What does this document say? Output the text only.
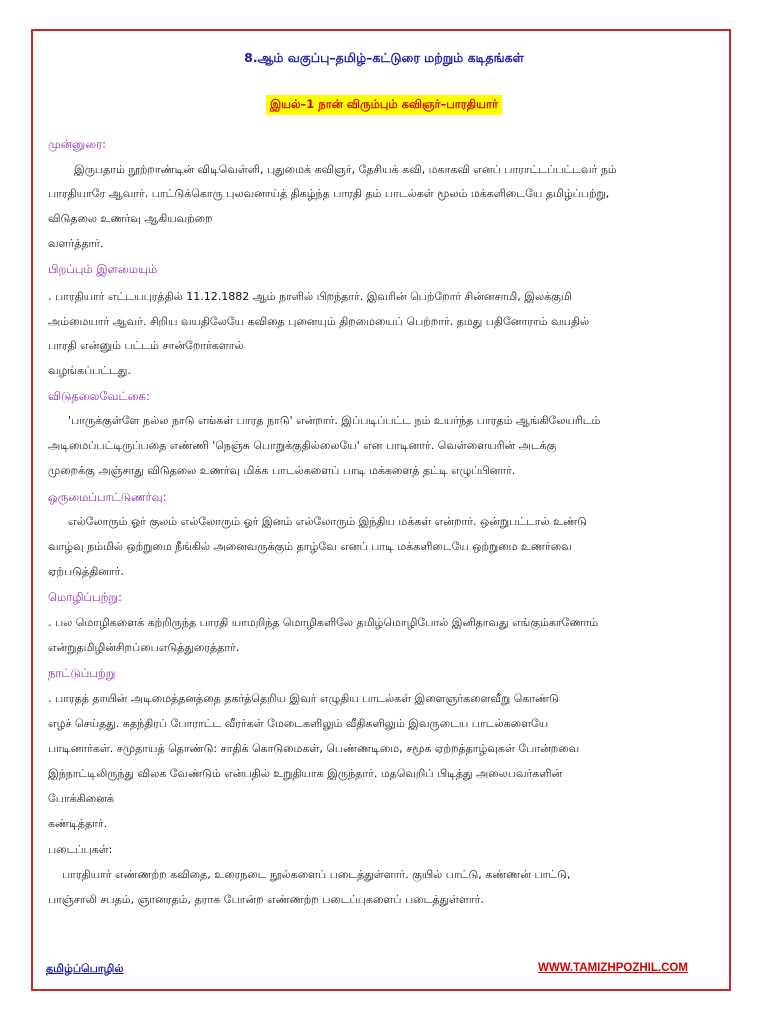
8.ஆம் வகுப்பு–தமிழ்–கட்டுரை மற்றும் கடிதங்கள்
இயல்–1 நான் விரும்பும் கவிஞர்–பாரதியார்
முன்னுரை:
இருபதாம் நூற்றாண்டின் விடிவெள்ளி, புதுமைக் கவிஞர், தேசியக் கவி, மகாகவி எனப் பாராட்டப்பட்டவர் நம்
பாரதியாரே ஆவார். பாட்டுக்கொரு புலவனாய்த் திகழ்ந்த பாரதி தம் பாடல்கள் மூலம் மக்களிடையே தமிழ்ப்பற்று,
விடுதலை உணர்வு ஆகியவற்றை
வளர்த்தார்.
பிறப்பும் இளமையும்
. பாரதியார் எட்டயபுரத்தில் 11.12.1882 ஆம் நாளில் பிறந்தார். இவரின் பெற்றோர் சின்னசாமி, இலக்குமி
அம்மையார் ஆவர். சிறிய வயதிலேயே கவிதை புனையும் திறமையைப் பெற்றார். தமது பதினோராம் வயதில்
பாரதி என்னும் பட்டம் சான்றோர்களால்
வழங்கப்பட்டது.
விடுதலைவேட்கை:
'பாருக்குள்ளே நல்ல நாடு எங்கள் பாரத நாடு' என்றார். இப்படிப்பட்ட நம் உயர்ந்த பாரதம் ஆங்கிலேயரிடம்
அடிமைப்பட்டிருப்பதை எண்ணி 'நெஞ்சு பொறுக்குதில்லையே' என பாடினார். வெள்ளையரின் அடக்கு
முறைக்கு அஞ்சாது விடுதலை உணர்வு மிக்க பாடல்களைப் பாடி மக்களைத் தட்டி எழுப்பினார்.
ஒருமைப்பாட்டுணர்வு:
எல்லோரும் ஓர் குலம் எல்லோரும் ஓர் இனம் எல்லோரும் இந்திய மக்கள் என்றார். ஒன்றுபட்டால் உண்டு
வாழ்வு நம்மில் ஒற்றுமை நீங்கில் அனைவருக்கும் தாழ்வே எனப் பாடி மக்களிடையே ஒற்றுமை உணர்வை
ஏற்படுத்தினார்.
மொழிப்பற்று:
. பல மொழிகளைக் கற்றிருந்த பாரதி யாமறிந்த மொழிகளிலே தமிழ்மொழிபோல் இனிதாவது எங்கும்காணோம்
என்றுதமிழின்சிறப்பைஎடுத்துரைத்தார்.
நாட்டுப்பற்று
. பாரதத் தாயின் அடிமைத்தனத்தை தகர்த்தெறிய இவர் எழுதிய பாடல்கள் இளைஞர்களைவீறு கொண்டு
எழச் செய்தது. சுதந்திரப் போராட்ட வீரர்கள் மேடைகளிலும் வீதிகளிலும் இவருடைய பாடல்களையே
பாடினார்கள். சமுதாயத் தொண்டு: சாதிக் கொடுமைகள், பெண்ணடிமை, சமூக ஏற்றத்தாழ்வுகள் போன்றவை
இந்நாட்டிலிருந்து விலக வேண்டும் என்பதில் உறுதியாக இருந்தார். மதவெறிப் பிடித்து அலைபவர்களின்
போக்கினைக்
கண்டித்தார்.
படைப்புகள்:
பாரதியார் எண்ணற்ற கவிதை, உரைநடை நூல்களைப் படைத்துள்ளார். குயில் பாட்டு, கண்ணன் பாட்டு,
பாஞ்சாலி சபதம், ஞானரதம், தராசு போன்ற எண்ணற்ற படைப்புகளைப் படைத்துள்ளார்.
தமிழ்ப்பொழில்	WWW.TAMIZHPOZHIL.COM
